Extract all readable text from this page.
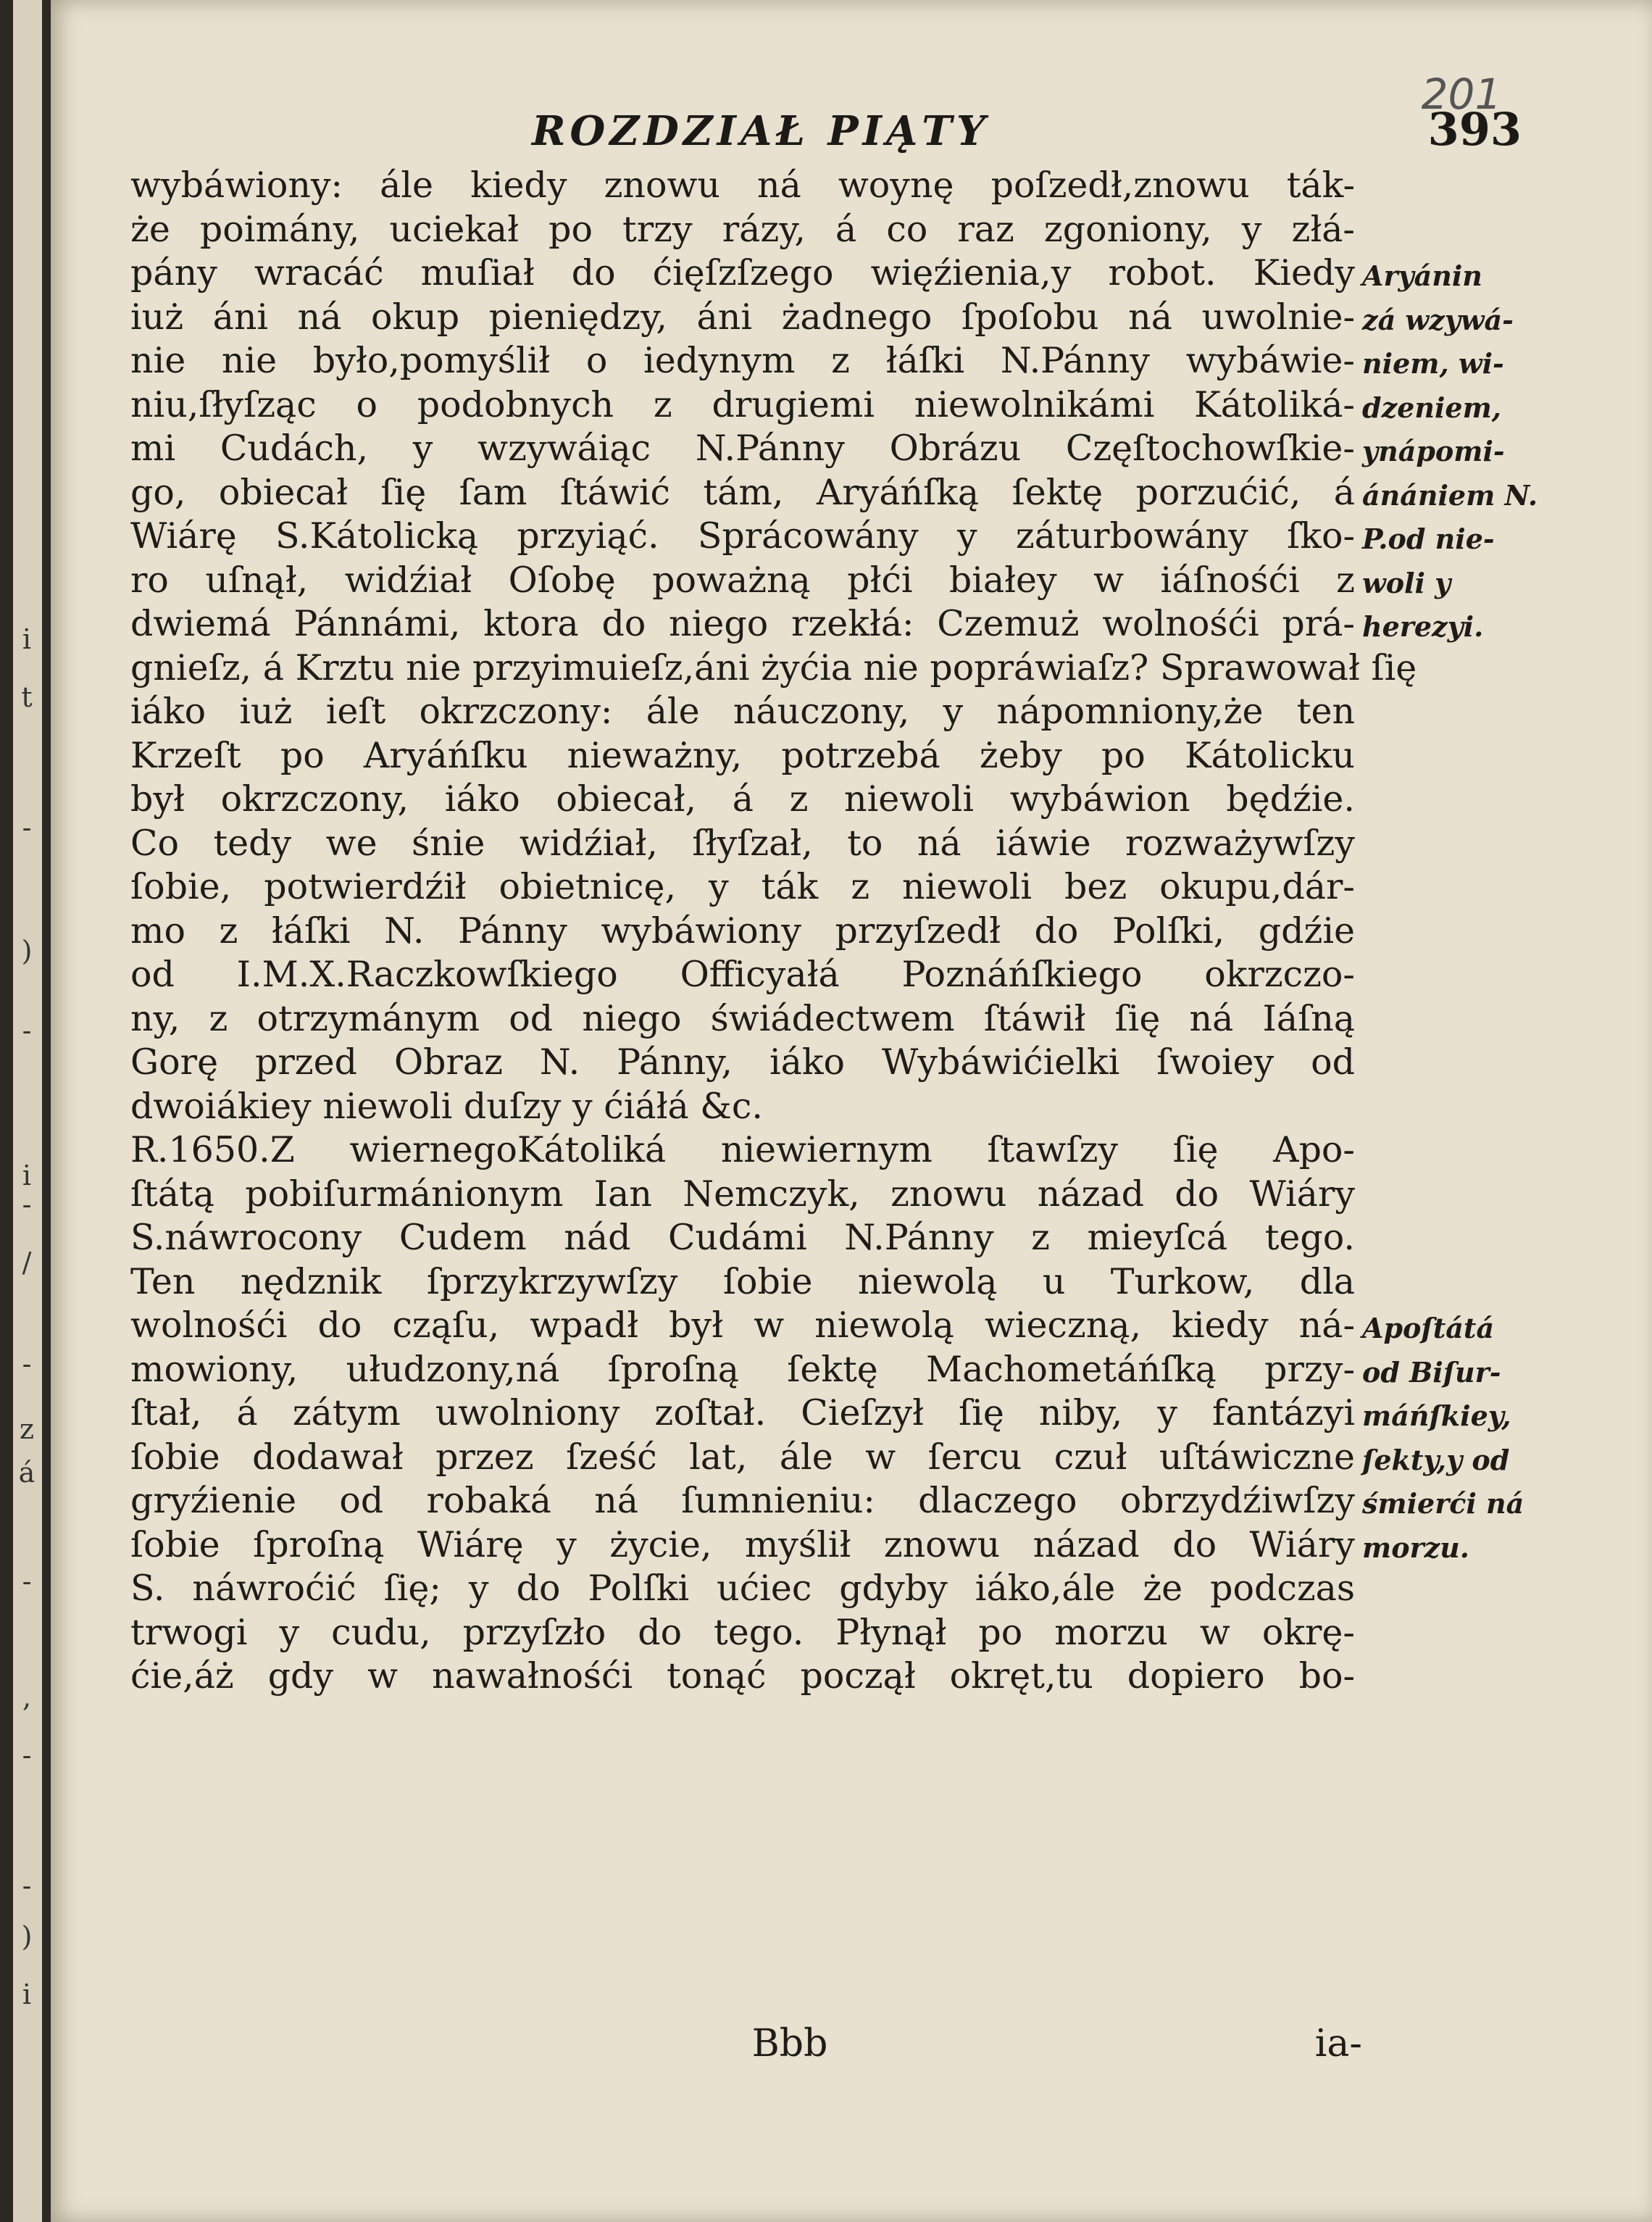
i
t
-
)
-
i
-
/
-
z
á
-
,
-
-
)
i
201
ROZDZIAŁ PIĄTY	393
wybáwiony: ále kiedy znowu ná woynę poſzedł,znowu ták-
że poimány, uciekał po trzy rázy, á co raz zgoniony, y złá-
pány wracáć muſiał do ćięſzſzego więźienia,y robot. Kiedy
iuż áni ná okup pieniędzy, áni żadnego ſpoſobu ná uwolnie-
nie nie było,pomyślił o iedynym z łáſki N.Pánny wybáwie-
niu,ſłyſząc o podobnych z drugiemi niewolnikámi Kátoliká-
mi Cudách, y wzywáiąc N.Pánny Obrázu Częſtochowſkie-
go, obiecał ſię ſam ſtáwić tám, Aryáńſką ſektę porzućić, á
Wiárę S.Kátolicką przyiąć. Sprácowány y záturbowány ſko-
ro uſnął, widźiał Oſobę poważną płći białey w iáſnośći z
dwiemá Pánnámi, ktora do niego rzekłá: Czemuż wolnośći prá-
gnieſz, á Krztu nie przyimuieſz,áni żyćia nie popráwiaſz? Sprawował ſię
iáko iuż ieſt okrzczony: ále náuczony, y nápomniony,że ten
Krzeſt po Aryáńſku nieważny, potrzebá żeby po Kátolicku
był okrzczony, iáko obiecał, á z niewoli wybáwion będźie.
Co tedy we śnie widźiał, ſłyſzał, to ná iáwie rozważywſzy
ſobie, potwierdźił obietnicę, y ták z niewoli bez okupu,dár-
mo z łáſki N. Pánny wybáwiony przyſzedł do Polſki, gdźie
od I.M.X.Raczkowſkiego Officyałá Poznáńſkiego okrzczo-
ny, z otrzymánym od niego świádectwem ſtáwił ſię ná Iáſną
Gorę przed Obraz N. Pánny, iáko Wybáwićielki ſwoiey od
dwoiákiey niewoli duſzy y ćiáłá &c.
R.1650.Z wiernegoKátoliká niewiernym ſtawſzy ſię Apo-
ſtátą pobiſurmánionym Ian Nemczyk, znowu názad do Wiáry
S.náwrocony Cudem nád Cudámi N.Pánny z mieyſcá tego.
Ten nędznik ſprzykrzywſzy ſobie niewolą u Turkow, dla
wolnośći do cząſu, wpadł był w niewolą wieczną, kiedy ná-
mowiony, ułudzony,ná ſproſną ſektę Machometáńſką przy-
ſtał, á zátym uwolniony zoſtał. Cieſzył ſię niby, y fantázyi
ſobie dodawał przez ſześć lat, ále w ſercu czuł uſtáwiczne
gryźienie od robaká ná ſumnieniu: dlaczego obrzydźiwſzy
ſobie ſproſną Wiárę y życie, myślił znowu názad do Wiáry
S. náwroćić ſię; y do Polſki ućiec gdyby iáko,ále że podczas
trwogi y cudu, przyſzło do tego. Płynął po morzu w okrę-
ćie,áż gdy w nawałnośći tonąć począł okręt,tu dopiero bo-
Aryánin
zá wzywá-
niem, wi-
dzeniem,
ynápomi-
ánániem N.
P.od nie-
woli y
herezyi.
Apoſtátá
od Biſur-
máńſkiey,
ſekty,y od
śmierći ná
morzu.
Bbb	ia-
